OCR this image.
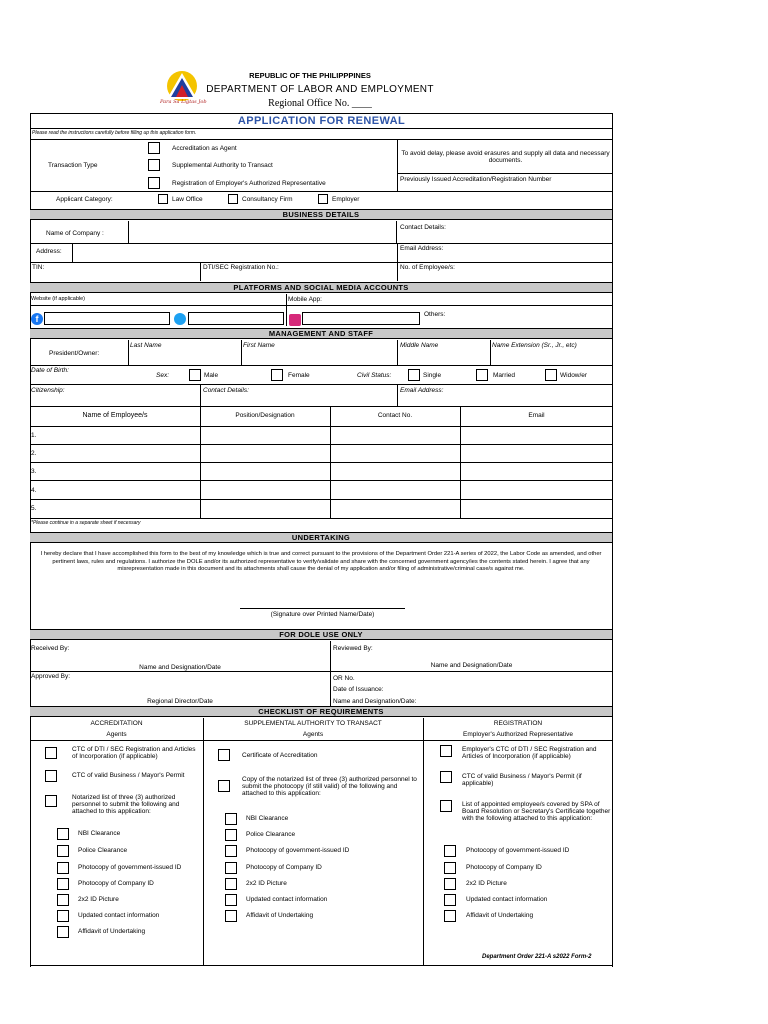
Para Sa Ligtas Job
REPUBLIC OF THE PHILIPPPINES
DEPARTMENT OF LABOR AND EMPLOYMENT
Regional Office No. ____
APPLICATION FOR RENEWAL
Please read the instructions carefully before filling up this application form.
Transaction Type
Accreditation as Agent
Supplemental Authority to Transact
Registration of Employer's Authorized Representative
To avoid delay, please avoid erasures and supply all data and necessary documents.
Previously Issued Accreditation/Registration Number
Applicant Category:	Law Office	Consultancy Firm	Employer
BUSINESS DETAILS
Name of Company :
Contact Details:
Address:	Email Address:
TIN:	DTI/SEC Registration No.:	No. of Employee/s:
PLATFORMS AND SOCIAL MEDIA ACCOUNTS
Website (if applicable)	Mobile App:
f	Others:
MANAGEMENT AND STAFF
Last Name	First Name	Middle Name	Name Extension (Sr., Jr., etc)
President/Owner:
Date of Birth:
Sex:	Male	Female	Civil Status:	Single	Married	Widow/er
Citizenship:	Contact Details:	Email Address:
Name of Employee/s	Position/Designation	Contact No.	Email
1.
2.
3.
4.
5.
*Please continue in a separate sheet if necessary
UNDERTAKING
I hereby declare that I have accomplished this form to the best of my knowledge which is true and correct pursuant to the provisions of the Department Order 221-A series of 2022, the Labor Code as amended, and other pertinent laws, rules and regulations. I authorize the DOLE and/or its authorized representative to verify/validate and share with the concerned government agency/ies the contents stated herein. I agree that any misrepresentation made in this document and its attachments shall cause the denial of my application and/or filing of administrative/criminal case/s against me.
(Signature over Printed Name/Date)
FOR DOLE USE ONLY
Received By:	Reviewed By:
Name and Designation/Date	Name and Designation/Date
Approved By:	OR No.
Date of Issuance:
Regional Director/Date	Name and Designation/Date:
CHECKLIST OF REQUIREMENTS
ACCREDITATION
Agents
SUPPLEMENTAL AUTHORITY TO TRANSACT
Agents
REGISTRATION
Employer's Authorized Representative
CTC of DTI / SEC Registration and Articles of Incorporation (if applicable)
CTC of valid Business / Mayor's Permit
Notarized list of three (3) authorized personnel to submit the following and attached to this application:
NBI Clearance
Police Clearance
Photocopy of government-issued ID
Photocopy of Company ID
2x2 ID Picture
Updated contact information
Affidavit of Undertaking
Certificate of Accreditation
Copy of the notarized list of three (3) authorized personnel to submit the photocopy (if still valid) of the following and attached to this application:
NBI Clearance
Police Clearance
Photocopy of government-issued ID
Photocopy of Company ID
2x2 ID Picture
Updated contact information
Affidavit of Undertaking
Employer's CTC of DTI / SEC Registration and Articles of Incorporation (if applicable)
CTC of valid Business / Mayor's Permit (if applicable)
List of appointed employee/s covered by SPA of Board Resolution or Secretary's Certificate together with the following attached to this application:
Photocopy of government-issued ID
Photocopy of Company ID
2x2 ID Picture
Updated contact information
Affidavit of Undertaking
Department Order 221-A s2022 Form-2
